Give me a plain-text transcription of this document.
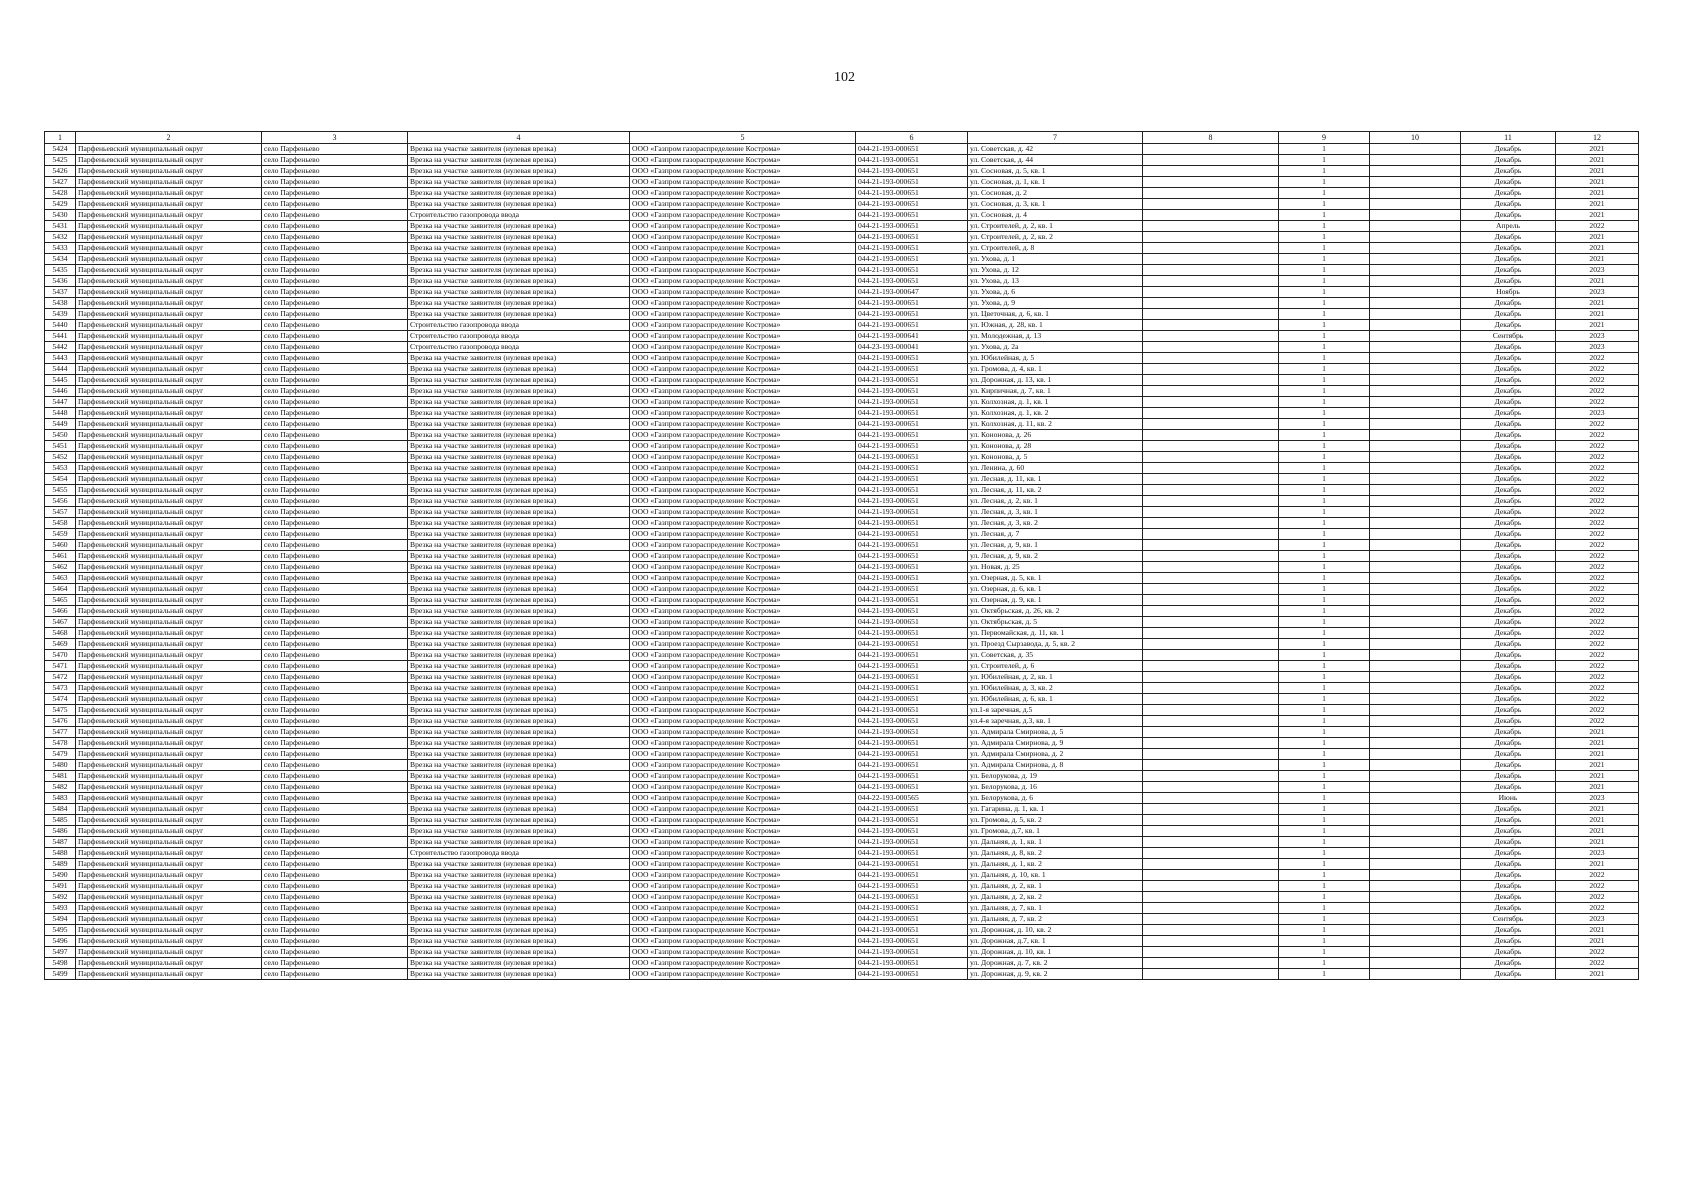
102
1	2	3	4	5	6	7	8	9	10	11	12
5424	Парфеньевский муниципальный округ	село Парфеньево	Врезка на участке заявителя (нулевая врезка)	ООО «Газпром газораспределение Кострома»	044-21-193-000651	ул. Советская, д. 42		1		Декабрь	2021
5425	Парфеньевский муниципальный округ	село Парфеньево	Врезка на участке заявителя (нулевая врезка)	ООО «Газпром газораспределение Кострома»	044-21-193-000651	ул. Советская, д. 44		1		Декабрь	2021
5426	Парфеньевский муниципальный округ	село Парфеньево	Врезка на участке заявителя (нулевая врезка)	ООО «Газпром газораспределение Кострома»	044-21-193-000651	ул. Сосновая, д. 5, кв. 1		1		Декабрь	2021
5427	Парфеньевский муниципальный округ	село Парфеньево	Врезка на участке заявителя (нулевая врезка)	ООО «Газпром газораспределение Кострома»	044-21-193-000651	ул. Сосновая, д. 1, кв. 1		1		Декабрь	2021
5428	Парфеньевский муниципальный округ	село Парфеньево	Врезка на участке заявителя (нулевая врезка)	ООО «Газпром газораспределение Кострома»	044-21-193-000651	ул. Сосновая, д. 2		1		Декабрь	2021
5429	Парфеньевский муниципальный округ	село Парфеньево	Врезка на участке заявителя (нулевая врезка)	ООО «Газпром газораспределение Кострома»	044-21-193-000651	ул. Сосновая, д. 3, кв. 1		1		Декабрь	2021
5430	Парфеньевский муниципальный округ	село Парфеньево	Строительство газопровода ввода	ООО «Газпром газораспределение Кострома»	044-21-193-000651	ул. Сосновая, д. 4		1		Декабрь	2021
5431	Парфеньевский муниципальный округ	село Парфеньево	Врезка на участке заявителя (нулевая врезка)	ООО «Газпром газораспределение Кострома»	044-21-193-000651	ул. Строителей, д. 2, кв. 1		1		Апрель	2022
5432	Парфеньевский муниципальный округ	село Парфеньево	Врезка на участке заявителя (нулевая врезка)	ООО «Газпром газораспределение Кострома»	044-21-193-000651	ул. Строителей, д. 2, кв. 2		1		Декабрь	2021
5433	Парфеньевский муниципальный округ	село Парфеньево	Врезка на участке заявителя (нулевая врезка)	ООО «Газпром газораспределение Кострома»	044-21-193-000651	ул. Строителей, д. 8		1		Декабрь	2021
5434	Парфеньевский муниципальный округ	село Парфеньево	Врезка на участке заявителя (нулевая врезка)	ООО «Газпром газораспределение Кострома»	044-21-193-000651	ул. Ухова, д. 1		1		Декабрь	2021
5435	Парфеньевский муниципальный округ	село Парфеньево	Врезка на участке заявителя (нулевая врезка)	ООО «Газпром газораспределение Кострома»	044-21-193-000651	ул. Ухова, д. 12		1		Декабрь	2023
5436	Парфеньевский муниципальный округ	село Парфеньево	Врезка на участке заявителя (нулевая врезка)	ООО «Газпром газораспределение Кострома»	044-21-193-000651	ул. Ухова, д. 13		1		Декабрь	2021
5437	Парфеньевский муниципальный округ	село Парфеньево	Врезка на участке заявителя (нулевая врезка)	ООО «Газпром газораспределение Кострома»	044-21-193-000647	ул. Ухова, д. 6		1		Ноябрь	2023
5438	Парфеньевский муниципальный округ	село Парфеньево	Врезка на участке заявителя (нулевая врезка)	ООО «Газпром газораспределение Кострома»	044-21-193-000651	ул. Ухова, д. 9		1		Декабрь	2021
5439	Парфеньевский муниципальный округ	село Парфеньево	Врезка на участке заявителя (нулевая врезка)	ООО «Газпром газораспределение Кострома»	044-21-193-000651	ул. Цветочная, д. 6, кв. 1		1		Декабрь	2021
5440	Парфеньевский муниципальный округ	село Парфеньево	Строительство газопровода ввода	ООО «Газпром газораспределение Кострома»	044-21-193-000651	ул. Южная, д. 28, кв. 1		1		Декабрь	2021
5441	Парфеньевский муниципальный округ	село Парфеньево	Строительство газопровода ввода	ООО «Газпром газораспределение Кострома»	044-21-193-000641	ул. Молодежная, д. 13		1		Сентябрь	2023
5442	Парфеньевский муниципальный округ	село Парфеньево	Строительство газопровода ввода	ООО «Газпром газораспределение Кострома»	044-23-193-000041	ул. Ухова, д. 2а		1		Декабрь	2023
5443	Парфеньевский муниципальный округ	село Парфеньево	Врезка на участке заявителя (нулевая врезка)	ООО «Газпром газораспределение Кострома»	044-21-193-000651	ул. Юбилейная, д. 5		1		Декабрь	2022
5444	Парфеньевский муниципальный округ	село Парфеньево	Врезка на участке заявителя (нулевая врезка)	ООО «Газпром газораспределение Кострома»	044-21-193-000651	ул. Громова, д. 4, кв. 1		1		Декабрь	2022
5445	Парфеньевский муниципальный округ	село Парфеньево	Врезка на участке заявителя (нулевая врезка)	ООО «Газпром газораспределение Кострома»	044-21-193-000651	ул. Дорожная, д. 13, кв. 1		1		Декабрь	2022
5446	Парфеньевский муниципальный округ	село Парфеньево	Врезка на участке заявителя (нулевая врезка)	ООО «Газпром газораспределение Кострома»	044-21-193-000651	ул. Кирпичная, д. 7, кв. 1		1		Декабрь	2022
5447	Парфеньевский муниципальный округ	село Парфеньево	Врезка на участке заявителя (нулевая врезка)	ООО «Газпром газораспределение Кострома»	044-21-193-000651	ул. Колхозная, д. 1, кв. 1		1		Декабрь	2022
5448	Парфеньевский муниципальный округ	село Парфеньево	Врезка на участке заявителя (нулевая врезка)	ООО «Газпром газораспределение Кострома»	044-21-193-000651	ул. Колхозная, д. 1, кв. 2		1		Декабрь	2023
5449	Парфеньевский муниципальный округ	село Парфеньево	Врезка на участке заявителя (нулевая врезка)	ООО «Газпром газораспределение Кострома»	044-21-193-000651	ул. Колхозная, д. 11, кв. 2		1		Декабрь	2022
5450	Парфеньевский муниципальный округ	село Парфеньево	Врезка на участке заявителя (нулевая врезка)	ООО «Газпром газораспределение Кострома»	044-21-193-000651	ул. Кононова, д. 26		1		Декабрь	2022
5451	Парфеньевский муниципальный округ	село Парфеньево	Врезка на участке заявителя (нулевая врезка)	ООО «Газпром газораспределение Кострома»	044-21-193-000651	ул. Кононова, д. 28		1		Декабрь	2022
5452	Парфеньевский муниципальный округ	село Парфеньево	Врезка на участке заявителя (нулевая врезка)	ООО «Газпром газораспределение Кострома»	044-21-193-000651	ул. Кононова, д. 5		1		Декабрь	2022
5453	Парфеньевский муниципальный округ	село Парфеньево	Врезка на участке заявителя (нулевая врезка)	ООО «Газпром газораспределение Кострома»	044-21-193-000651	ул. Ленина, д. 60		1		Декабрь	2022
5454	Парфеньевский муниципальный округ	село Парфеньево	Врезка на участке заявителя (нулевая врезка)	ООО «Газпром газораспределение Кострома»	044-21-193-000651	ул. Лесная, д. 11, кв. 1		1		Декабрь	2022
5455	Парфеньевский муниципальный округ	село Парфеньево	Врезка на участке заявителя (нулевая врезка)	ООО «Газпром газораспределение Кострома»	044-21-193-000651	ул. Лесная, д. 11, кв. 2		1		Декабрь	2022
5456	Парфеньевский муниципальный округ	село Парфеньево	Врезка на участке заявителя (нулевая врезка)	ООО «Газпром газораспределение Кострома»	044-21-193-000651	ул. Лесная, д. 2, кв. 1		1		Декабрь	2022
5457	Парфеньевский муниципальный округ	село Парфеньево	Врезка на участке заявителя (нулевая врезка)	ООО «Газпром газораспределение Кострома»	044-21-193-000651	ул. Лесная, д. 3, кв. 1		1		Декабрь	2022
5458	Парфеньевский муниципальный округ	село Парфеньево	Врезка на участке заявителя (нулевая врезка)	ООО «Газпром газораспределение Кострома»	044-21-193-000651	ул. Лесная, д. 3, кв. 2		1		Декабрь	2022
5459	Парфеньевский муниципальный округ	село Парфеньево	Врезка на участке заявителя (нулевая врезка)	ООО «Газпром газораспределение Кострома»	044-21-193-000651	ул. Лесная, д. 7		1		Декабрь	2022
5460	Парфеньевский муниципальный округ	село Парфеньево	Врезка на участке заявителя (нулевая врезка)	ООО «Газпром газораспределение Кострома»	044-21-193-000651	ул. Лесная, д. 9, кв. 1		1		Декабрь	2022
5461	Парфеньевский муниципальный округ	село Парфеньево	Врезка на участке заявителя (нулевая врезка)	ООО «Газпром газораспределение Кострома»	044-21-193-000651	ул. Лесная, д. 9, кв. 2		1		Декабрь	2022
5462	Парфеньевский муниципальный округ	село Парфеньево	Врезка на участке заявителя (нулевая врезка)	ООО «Газпром газораспределение Кострома»	044-21-193-000651	ул. Новая, д. 25		1		Декабрь	2022
5463	Парфеньевский муниципальный округ	село Парфеньево	Врезка на участке заявителя (нулевая врезка)	ООО «Газпром газораспределение Кострома»	044-21-193-000651	ул. Озерная, д. 5, кв. 1		1		Декабрь	2022
5464	Парфеньевский муниципальный округ	село Парфеньево	Врезка на участке заявителя (нулевая врезка)	ООО «Газпром газораспределение Кострома»	044-21-193-000651	ул. Озерная, д. 6, кв. 1		1		Декабрь	2022
5465	Парфеньевский муниципальный округ	село Парфеньево	Врезка на участке заявителя (нулевая врезка)	ООО «Газпром газораспределение Кострома»	044-21-193-000651	ул. Озерная, д. 9, кв. 1		1		Декабрь	2022
5466	Парфеньевский муниципальный округ	село Парфеньево	Врезка на участке заявителя (нулевая врезка)	ООО «Газпром газораспределение Кострома»	044-21-193-000651	ул. Октябрьская, д. 26, кв. 2		1		Декабрь	2022
5467	Парфеньевский муниципальный округ	село Парфеньево	Врезка на участке заявителя (нулевая врезка)	ООО «Газпром газораспределение Кострома»	044-21-193-000651	ул. Октябрьская, д. 5		1		Декабрь	2022
5468	Парфеньевский муниципальный округ	село Парфеньево	Врезка на участке заявителя (нулевая врезка)	ООО «Газпром газораспределение Кострома»	044-21-193-000651	ул. Первомайская, д. 11, кв. 1		1		Декабрь	2022
5469	Парфеньевский муниципальный округ	село Парфеньево	Врезка на участке заявителя (нулевая врезка)	ООО «Газпром газораспределение Кострома»	044-21-193-000651	ул. Проезд Сырзавода, д. 5, кв. 2		1		Декабрь	2022
5470	Парфеньевский муниципальный округ	село Парфеньево	Врезка на участке заявителя (нулевая врезка)	ООО «Газпром газораспределение Кострома»	044-21-193-000651	ул. Советская, д. 35		1		Декабрь	2022
5471	Парфеньевский муниципальный округ	село Парфеньево	Врезка на участке заявителя (нулевая врезка)	ООО «Газпром газораспределение Кострома»	044-21-193-000651	ул. Строителей, д. 6		1		Декабрь	2022
5472	Парфеньевский муниципальный округ	село Парфеньево	Врезка на участке заявителя (нулевая врезка)	ООО «Газпром газораспределение Кострома»	044-21-193-000651	ул. Юбилейная, д. 2, кв. 1		1		Декабрь	2022
5473	Парфеньевский муниципальный округ	село Парфеньево	Врезка на участке заявителя (нулевая врезка)	ООО «Газпром газораспределение Кострома»	044-21-193-000651	ул. Юбилейная, д. 3, кв. 2		1		Декабрь	2022
5474	Парфеньевский муниципальный округ	село Парфеньево	Врезка на участке заявителя (нулевая врезка)	ООО «Газпром газораспределение Кострома»	044-21-193-000651	ул. Юбилейная, д. 6, кв. 1		1		Декабрь	2022
5475	Парфеньевский муниципальный округ	село Парфеньево	Врезка на участке заявителя (нулевая врезка)	ООО «Газпром газораспределение Кострома»	044-21-193-000651	ул.1-я заречная, д.5		1		Декабрь	2022
5476	Парфеньевский муниципальный округ	село Парфеньево	Врезка на участке заявителя (нулевая врезка)	ООО «Газпром газораспределение Кострома»	044-21-193-000651	ул.4-я заречная, д.3, кв. 1		1		Декабрь	2022
5477	Парфеньевский муниципальный округ	село Парфеньево	Врезка на участке заявителя (нулевая врезка)	ООО «Газпром газораспределение Кострома»	044-21-193-000651	ул. Адмирала Смирнова, д. 5		1		Декабрь	2021
5478	Парфеньевский муниципальный округ	село Парфеньево	Врезка на участке заявителя (нулевая врезка)	ООО «Газпром газораспределение Кострома»	044-21-193-000651	ул. Адмирала Смирнова, д. 9		1		Декабрь	2021
5479	Парфеньевский муниципальный округ	село Парфеньево	Врезка на участке заявителя (нулевая врезка)	ООО «Газпром газораспределение Кострома»	044-21-193-000651	ул. Адмирала Смирнова, д. 2		1		Декабрь	2021
5480	Парфеньевский муниципальный округ	село Парфеньево	Врезка на участке заявителя (нулевая врезка)	ООО «Газпром газораспределение Кострома»	044-21-193-000651	ул. Адмирала Смирнова, д. 8		1		Декабрь	2021
5481	Парфеньевский муниципальный округ	село Парфеньево	Врезка на участке заявителя (нулевая врезка)	ООО «Газпром газораспределение Кострома»	044-21-193-000651	ул. Белорукова, д. 19		1		Декабрь	2021
5482	Парфеньевский муниципальный округ	село Парфеньево	Врезка на участке заявителя (нулевая врезка)	ООО «Газпром газораспределение Кострома»	044-21-193-000651	ул. Белорукова, д. 16		1		Декабрь	2021
5483	Парфеньевский муниципальный округ	село Парфеньево	Врезка на участке заявителя (нулевая врезка)	ООО «Газпром газораспределение Кострома»	044-22-193-000565	ул. Белорукова, д. 6		1		Июнь	2023
5484	Парфеньевский муниципальный округ	село Парфеньево	Врезка на участке заявителя (нулевая врезка)	ООО «Газпром газораспределение Кострома»	044-21-193-000651	ул. Гагарина, д. 1, кв. 1		1		Декабрь	2021
5485	Парфеньевский муниципальный округ	село Парфеньево	Врезка на участке заявителя (нулевая врезка)	ООО «Газпром газораспределение Кострома»	044-21-193-000651	ул. Громова, д. 5, кв. 2		1		Декабрь	2021
5486	Парфеньевский муниципальный округ	село Парфеньево	Врезка на участке заявителя (нулевая врезка)	ООО «Газпром газораспределение Кострома»	044-21-193-000651	ул. Громова, д.7, кв. 1		1		Декабрь	2021
5487	Парфеньевский муниципальный округ	село Парфеньево	Врезка на участке заявителя (нулевая врезка)	ООО «Газпром газораспределение Кострома»	044-21-193-000651	ул. Дальняя, д. 1, кв. 1		1		Декабрь	2021
5488	Парфеньевский муниципальный округ	село Парфеньево	Строительство газопровода ввода	ООО «Газпром газораспределение Кострома»	044-21-193-000651	ул. Дальняя, д. 8, кв. 2		1		Декабрь	2023
5489	Парфеньевский муниципальный округ	село Парфеньево	Врезка на участке заявителя (нулевая врезка)	ООО «Газпром газораспределение Кострома»	044-21-193-000651	ул. Дальняя, д. 1, кв. 2		1		Декабрь	2021
5490	Парфеньевский муниципальный округ	село Парфеньево	Врезка на участке заявителя (нулевая врезка)	ООО «Газпром газораспределение Кострома»	044-21-193-000651	ул. Дальняя, д. 10, кв. 1		1		Декабрь	2022
5491	Парфеньевский муниципальный округ	село Парфеньево	Врезка на участке заявителя (нулевая врезка)	ООО «Газпром газораспределение Кострома»	044-21-193-000651	ул. Дальняя, д. 2, кв. 1		1		Декабрь	2022
5492	Парфеньевский муниципальный округ	село Парфеньево	Врезка на участке заявителя (нулевая врезка)	ООО «Газпром газораспределение Кострома»	044-21-193-000651	ул. Дальняя, д. 2, кв. 2		1		Декабрь	2022
5493	Парфеньевский муниципальный округ	село Парфеньево	Врезка на участке заявителя (нулевая врезка)	ООО «Газпром газораспределение Кострома»	044-21-193-000651	ул. Дальняя, д. 7, кв. 1		1		Декабрь	2022
5494	Парфеньевский муниципальный округ	село Парфеньево	Врезка на участке заявителя (нулевая врезка)	ООО «Газпром газораспределение Кострома»	044-21-193-000651	ул. Дальняя, д. 7, кв. 2		1		Сентябрь	2023
5495	Парфеньевский муниципальный округ	село Парфеньево	Врезка на участке заявителя (нулевая врезка)	ООО «Газпром газораспределение Кострома»	044-21-193-000651	ул. Дорожная, д. 10, кв. 2		1		Декабрь	2021
5496	Парфеньевский муниципальный округ	село Парфеньево	Врезка на участке заявителя (нулевая врезка)	ООО «Газпром газораспределение Кострома»	044-21-193-000651	ул. Дорожная, д.7, кв. 1		1		Декабрь	2021
5497	Парфеньевский муниципальный округ	село Парфеньево	Врезка на участке заявителя (нулевая врезка)	ООО «Газпром газораспределение Кострома»	044-21-193-000651	ул. Дорожная, д. 10, кв. 1		1		Декабрь	2022
5498	Парфеньевский муниципальный округ	село Парфеньево	Врезка на участке заявителя (нулевая врезка)	ООО «Газпром газораспределение Кострома»	044-21-193-000651	ул. Дорожная, д. 7, кв. 2		1		Декабрь	2022
5499	Парфеньевский муниципальный округ	село Парфеньево	Врезка на участке заявителя (нулевая врезка)	ООО «Газпром газораспределение Кострома»	044-21-193-000651	ул. Дорожная, д. 9, кв. 2		1		Декабрь	2021
